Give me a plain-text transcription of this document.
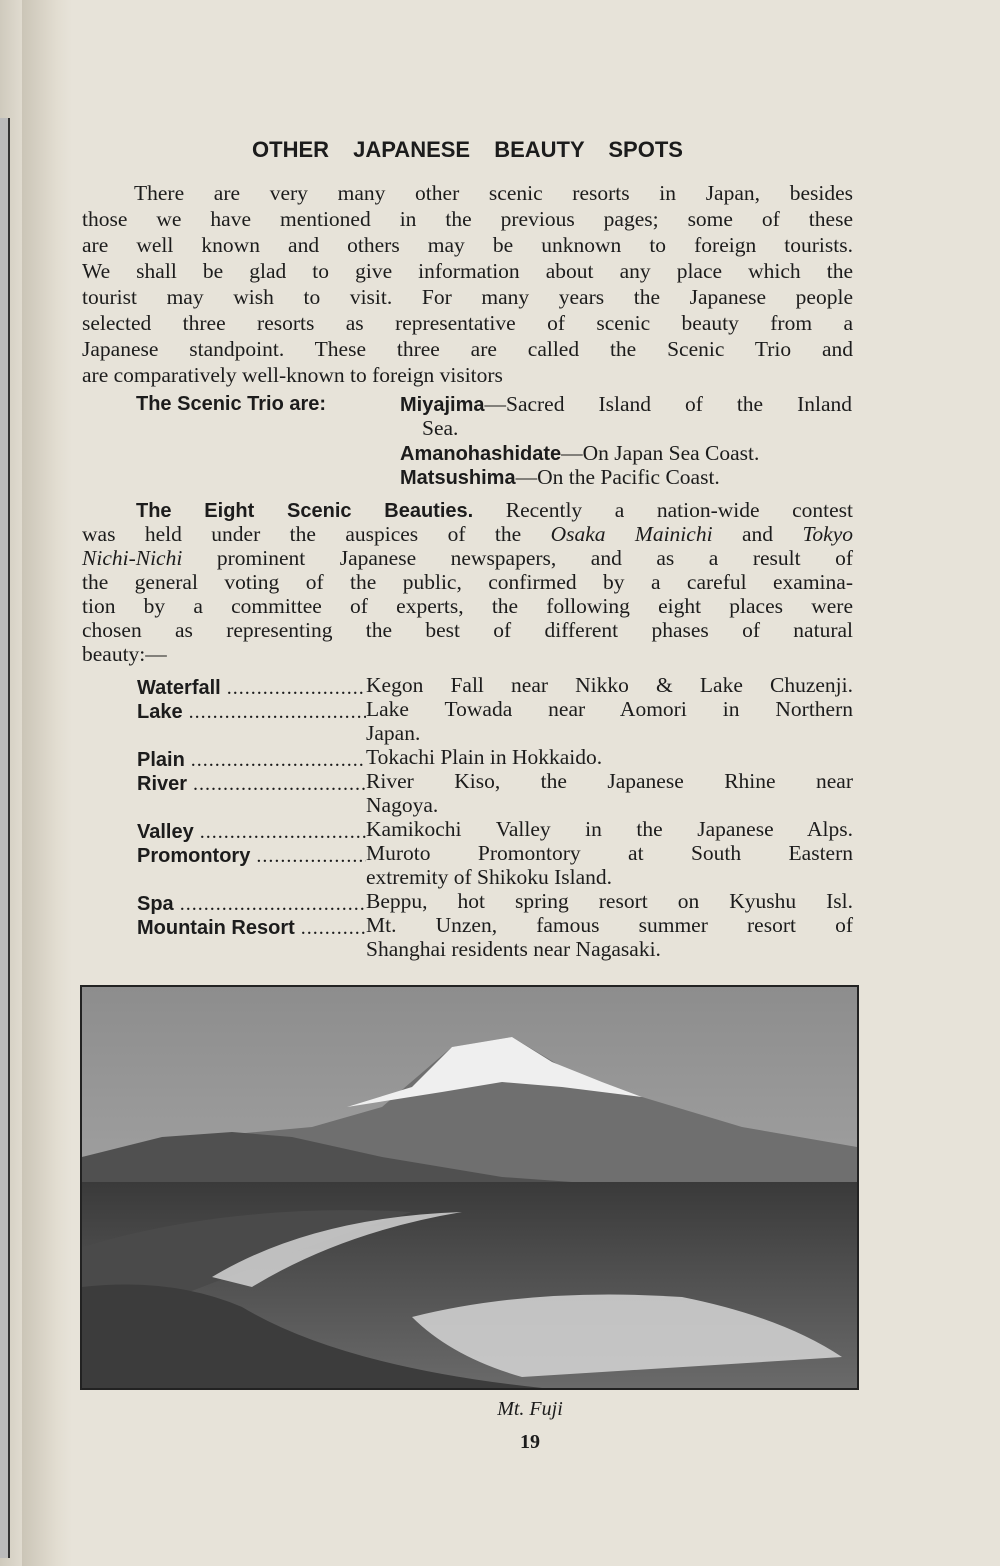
OTHER JAPANESE BEAUTY SPOTS
There are very many other scenic resorts in Japan, besides
those we have mentioned in the previous pages; some of these
are well known and others may be unknown to foreign tourists.
We shall be glad to give information about any place which the
tourist may wish to visit. For many years the Japanese people
selected three resorts as representative of scenic beauty from a
Japanese standpoint. These three are called the Scenic Trio and
are comparatively well-known to foreign visitors
The Scenic Trio are:	Miyajima—Sacred Island of the Inland
Sea.
Amanohashidate—On Japan Sea Coast.
Matsushima—On the Pacific Coast.
The Eight Scenic Beauties. Recently a nation-wide contest
was held under the auspices of the Osaka Mainichi and Tokyo
Nichi-Nichi prominent Japanese newspapers, and as a result of
the general voting of the public, confirmed by a careful examina-
tion by a committee of experts, the following eight places were
chosen as representing the best of different phases of natural
beauty:—
Waterfall .....	Kegon Fall near Nikko & Lake Chuzenji.
Lake .....	Lake Towada near Aomori in Northern
Japan.
Plain .....	Tokachi Plain in Hokkaido.
River .....	River Kiso, the Japanese Rhine near
Nagoya.
Valley .....	Kamikochi Valley in the Japanese Alps.
Promontory .....	Muroto Promontory at South Eastern
extremity of Shikoku Island.
Spa .....	Beppu, hot spring resort on Kyushu Isl.
Mountain Resort .....	Mt. Unzen, famous summer resort of
Shanghai residents near Nagasaki.
Mt. Fuji
19
